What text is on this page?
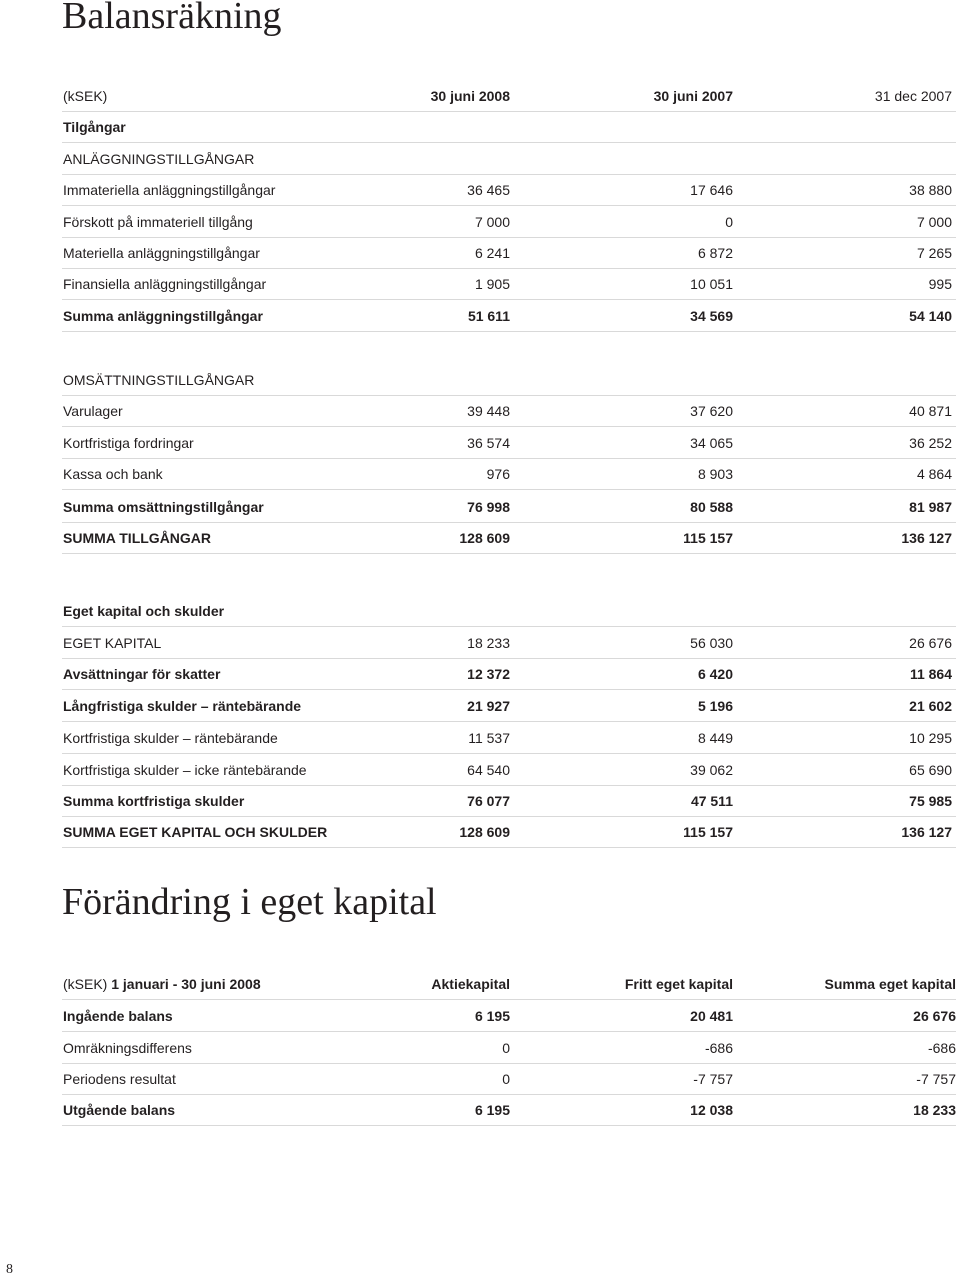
Balansräkning
(kSEK)	30 juni 2008	30 juni 2007	31 dec 2007
Tilgångar
ANLÄGGNINGSTILLGÅNGAR
Immateriella anläggningstillgångar	36 465	17 646	38 880
Förskott på immateriell tillgång	7 000	0	7 000
Materiella anläggningstillgångar	6 241	6 872	7 265
Finansiella anläggningstillgångar	1 905	10 051	995
Summa anläggningstillgångar	51 611	34 569	54 140
OMSÄTTNINGSTILLGÅNGAR
Varulager	39 448	37 620	40 871
Kortfristiga fordringar	36 574	34 065	36 252
Kassa och bank	976	8 903	4 864
Summa omsättningstillgångar	76 998	80 588	81 987
SUMMA TILLGÅNGAR	128 609	115 157	136 127
Eget kapital och skulder
EGET KAPITAL	18 233	56 030	26 676
Avsättningar för skatter	12 372	6 420	11 864
Långfristiga skulder – räntebärande	21 927	5 196	21 602
Kortfristiga skulder – räntebärande	11 537	8 449	10 295
Kortfristiga skulder – icke räntebärande	64 540	39 062	65 690
Summa kortfristiga skulder	76 077	47 511	75 985
SUMMA EGET KAPITAL OCH SKULDER	128 609	115 157	136 127
Förändring i eget kapital
(kSEK) 1 januari - 30 juni 2008	Aktiekapital	Fritt eget kapital	Summa eget kapital
Ingående balans	6 195	20 481	26 676
Omräkningsdifferens	0	-686	-686
Periodens resultat	0	-7 757	-7 757
Utgående balans	6 195	12 038	18 233
8
